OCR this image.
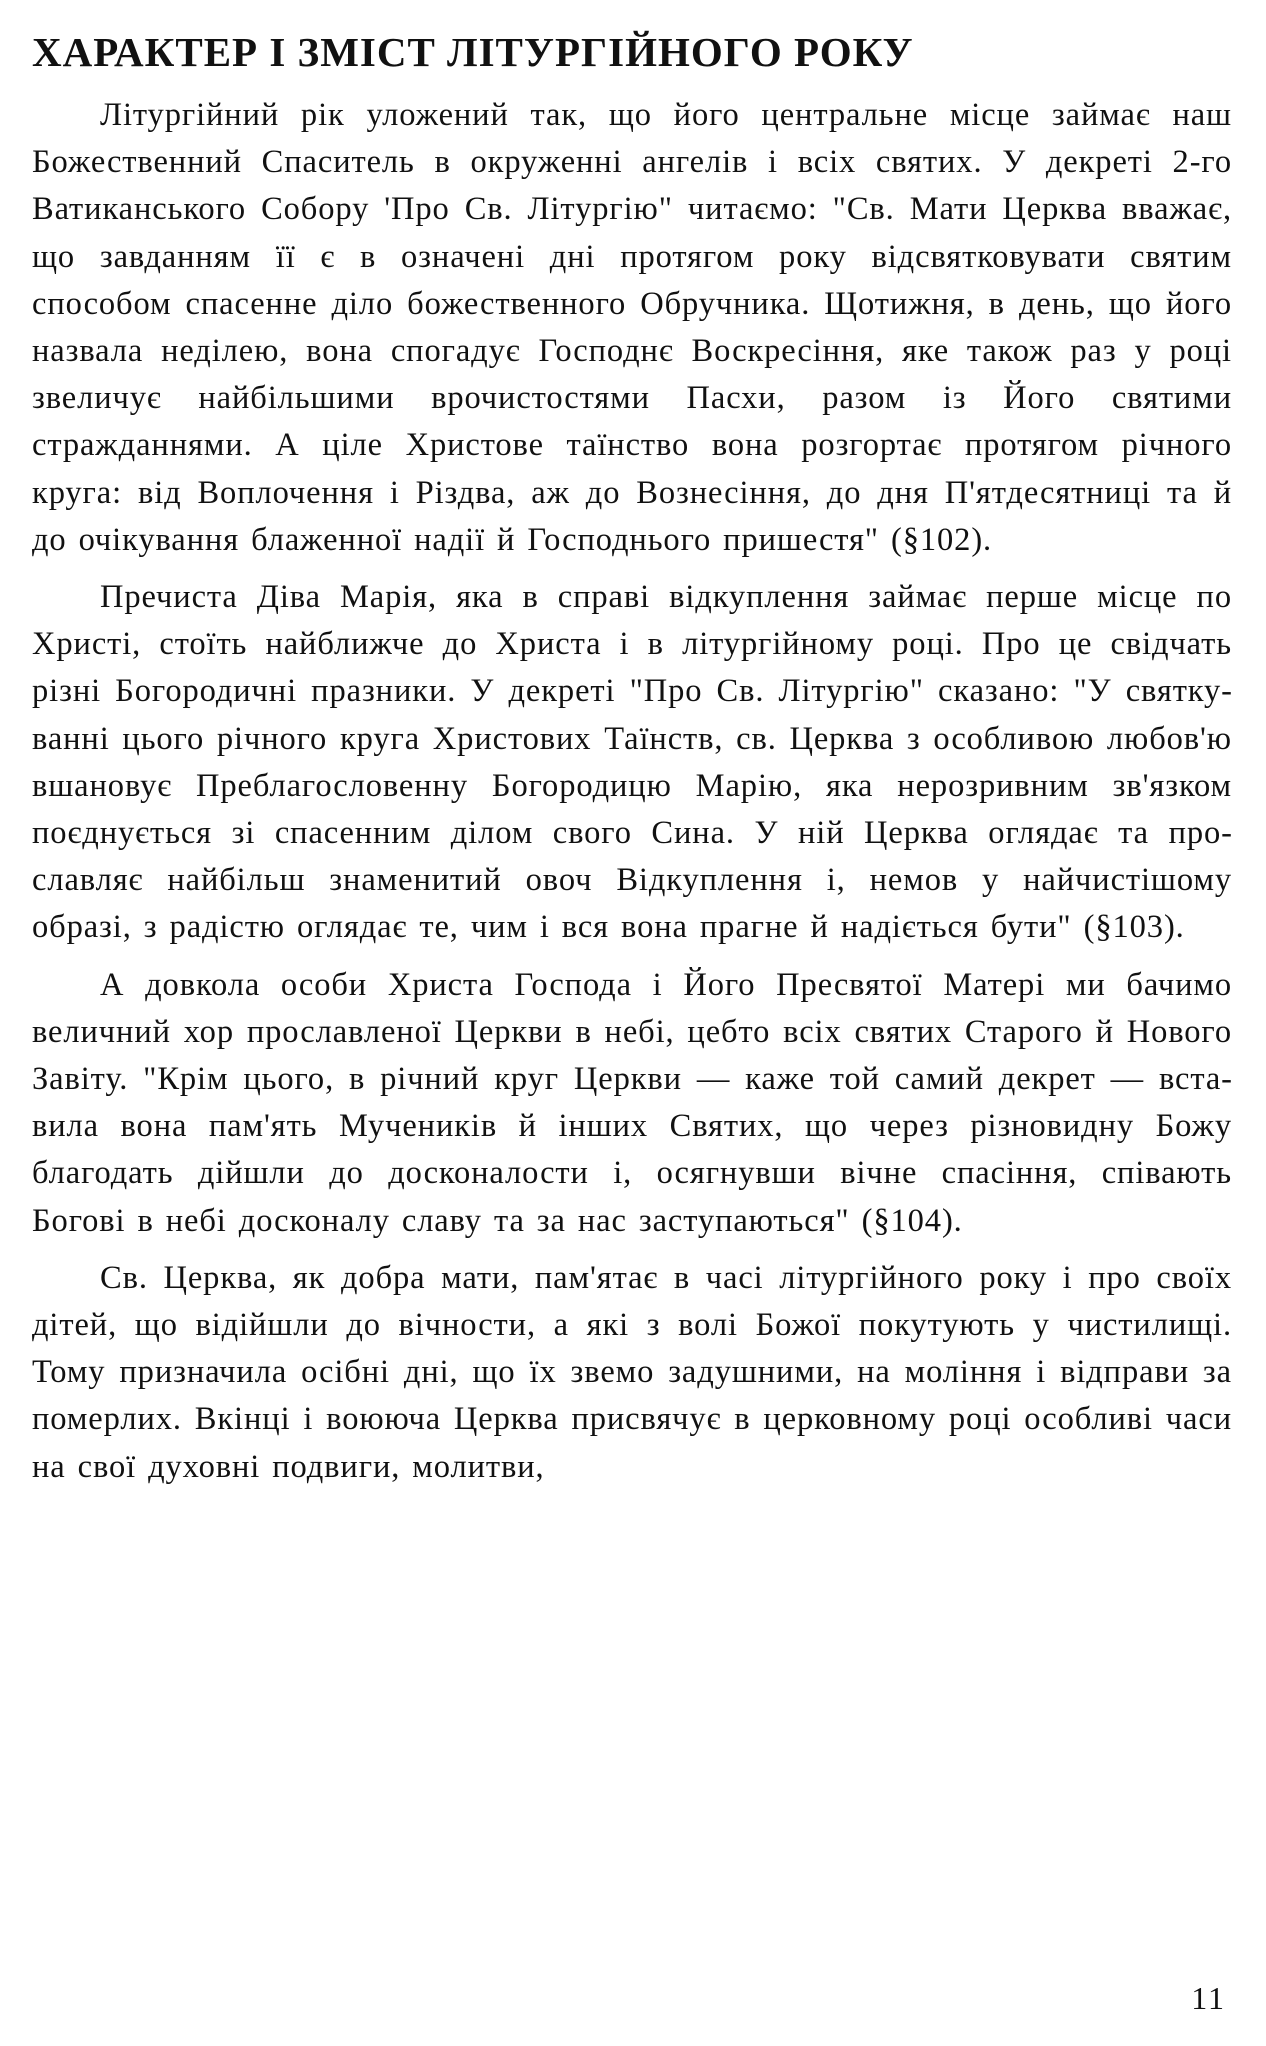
ХАРАКТЕР І ЗМІСТ ЛІТУРГІЙНОГО РОКУ

Літургійний рік уложений так, що його центральне місце займає наш Божественний Спаситель в окруженні ангелів і всіх святих. У декреті 2-го Ватиканського Собору 'Про Св. Літургію" читаємо: "Св. Мати Церква вважає, що завданням її є в означені дні протягом року відсвятковувати святим способом спасенне діло божественного Обручника. Щотижня, в день, що його назвала неділею, вона спогадує Господнє Воскресіння, яке також раз у році звеличує найбільшими врочистостями Пасхи, разом із Його святими стражданнями. А ціле Христове таїнство вона розгортає протягом річного круга: від Воплочення і Різдва, аж до Вознесіння, до дня П'ятдесятниці та й до очікування блаженної надії й Господнього пришестя" (§102).

Пречиста Діва Марія, яка в справі відкуплення займає перше місце по Христі, стоїть найближче до Христа і в літургійному році. Про це свідчать різні Богородичні празники. У декреті "Про Св. Літургію" сказано: "У святкуванні цього річного круга Христових Таїнств, св. Церква з особливою любов'ю вшановує Преблагословенну Богородицю Марію, яка нерозривним зв'язком поєднується зі спасенним ділом свого Сина. У ній Церква оглядає та прославляє найбільш знаменитий овоч Відкуплення і, немов у найчистішому образі, з радістю оглядає те, чим і вся вона прагне й надіється бути" (§103).

А довкола особи Христа Господа і Його Пресвятої Матері ми бачимо величний хор прославленої Церкви в небі, цебто всіх святих Старого й Нового Завіту. "Крім цього, в річний круг Церкви — каже той самий декрет — вставила вона пам'ять Мучеників й інших Святих, що через різновидну Божу благодать дійшли до досконалости і, осягнувши вічне спасіння, співають Богові в небі досконалу славу та за нас заступаються" (§104).

Св. Церква, як добра мати, пам'ятає в часі літургійного року і про своїх дітей, що відійшли до вічности, а які з волі Божої покутують у чистилищі. Тому призначила осібні дні, що їх звемо задушними, на моління і відправи за померлих. Вкінці і воююча Церква присвячує в церковному році особливі часи на свої духовні подвиги, молитви,

11
